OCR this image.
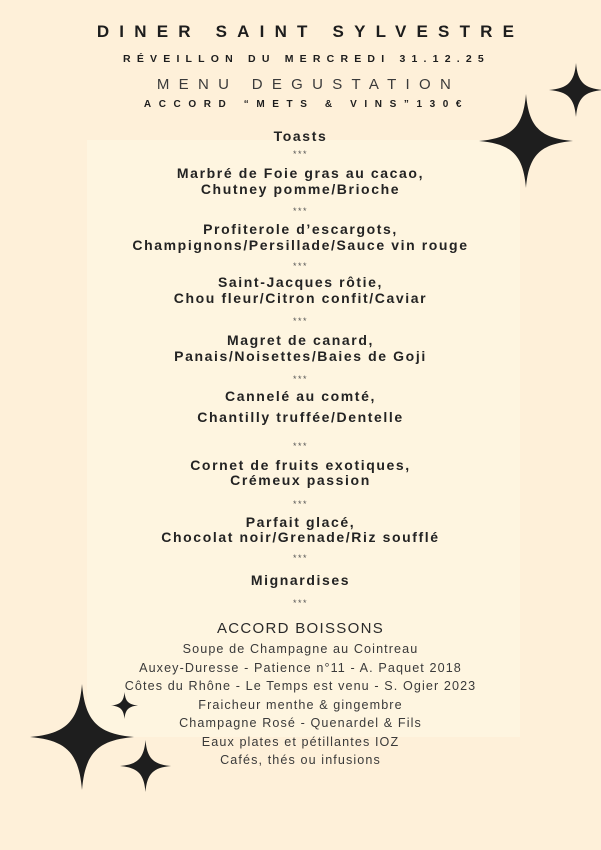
DINER SAINT SYLVESTRE
RÉVEILLON DU MERCREDI 31.12.25
MENU DEGUSTATION
ACCORD “METS & VINS”130€
Toasts
***
Marbré de Foie gras au cacao,
Chutney pomme/Brioche
***
Profiterole d’escargots,
Champignons/Persillade/Sauce vin rouge
***
Saint-Jacques rôtie,
Chou fleur/Citron confit/Caviar
***
Magret de canard,
Panais/Noisettes/Baies de Goji
***
Cannelé au comté,
Chantilly truffée/Dentelle
***
Cornet de fruits exotiques,
Crémeux passion
***
Parfait glacé,
Chocolat noir/Grenade/Riz soufflé
***
Mignardises
***
ACCORD BOISSONS
Soupe de Champagne au Cointreau
Auxey-Duresse - Patience n°11 - A. Paquet 2018
Côtes du Rhône - Le Temps est venu - S. Ogier 2023
Fraicheur menthe & gingembre
Champagne Rosé - Quenardel & Fils
Eaux plates et pétillantes IOZ
Cafés, thés ou infusions
